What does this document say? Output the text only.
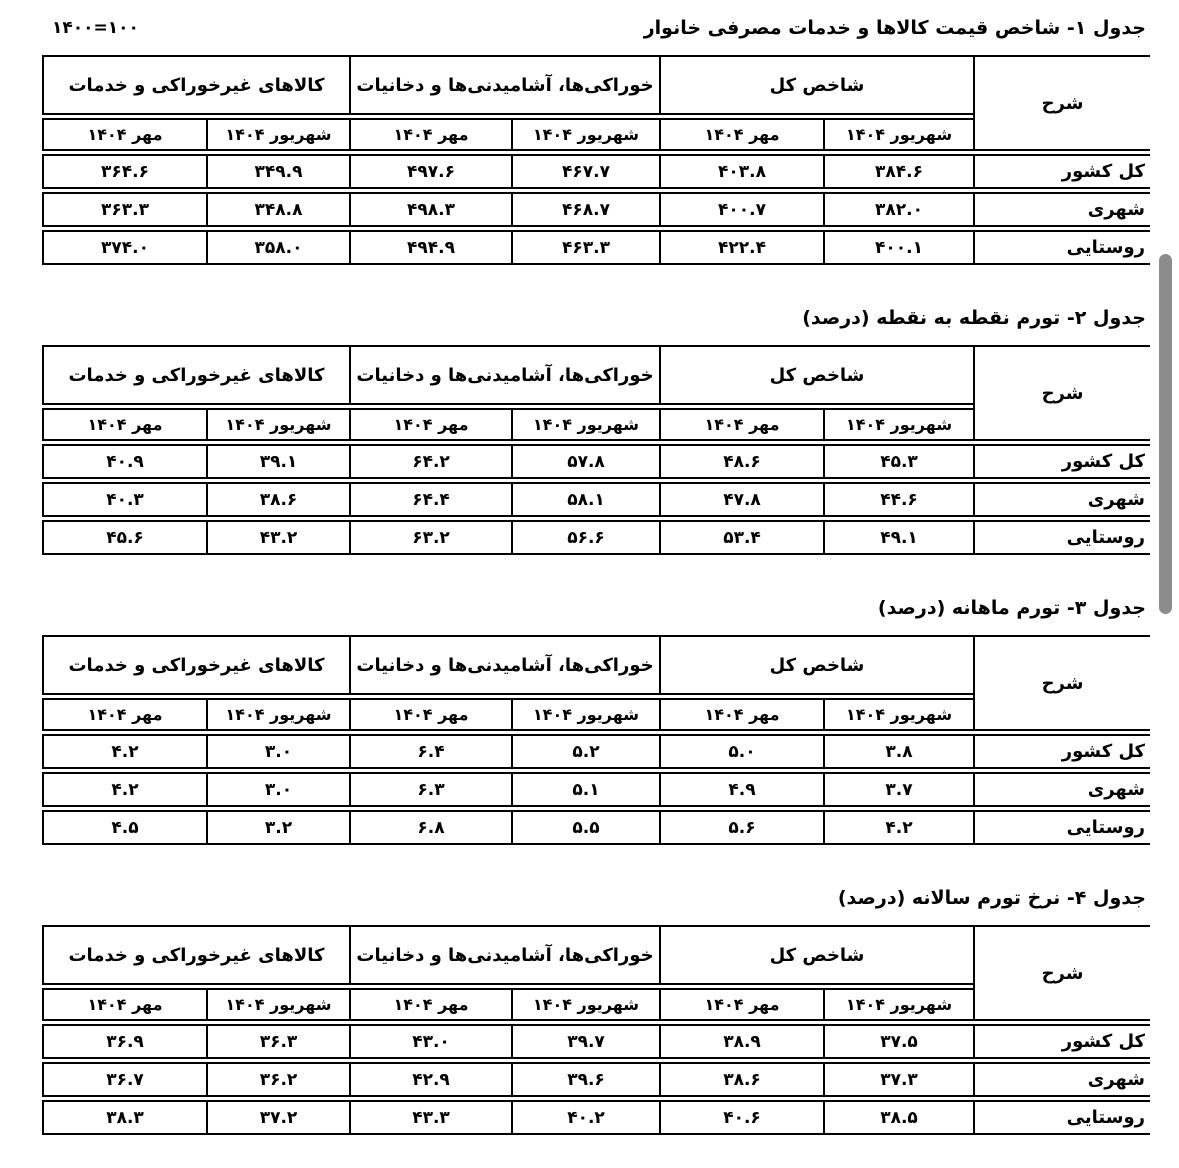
جدول ۱- شاخص قیمت کالاها و خدمات مصرفی خانوار
۱۴۰۰=۱۰۰
شرح	شاخص کل		خوراکی‌ها، آشامیدنی‌ها و دخانیات		کالاهای غیرخوراکی و خدمات	
	شهریور ۱۴۰۴	مهر ۱۴۰۴	شهریور ۱۴۰۴	مهر ۱۴۰۴	شهریور ۱۴۰۴	مهر ۱۴۰۴
کل کشور	۳۸۴.۶	۴۰۳.۸	۴۶۷.۷	۴۹۷.۶	۳۴۹.۹	۳۶۴.۶
شهری	۳۸۲.۰	۴۰۰.۷	۴۶۸.۷	۴۹۸.۳	۳۴۸.۸	۳۶۳.۳
روستایی	۴۰۰.۱	۴۲۲.۴	۴۶۳.۳	۴۹۴.۹	۳۵۸.۰	۳۷۴.۰
جدول ۲- تورم نقطه به نقطه (درصد)
شرح	شاخص کل		خوراکی‌ها، آشامیدنی‌ها و دخانیات		کالاهای غیرخوراکی و خدمات	
	شهریور ۱۴۰۴	مهر ۱۴۰۴	شهریور ۱۴۰۴	مهر ۱۴۰۴	شهریور ۱۴۰۴	مهر ۱۴۰۴
کل کشور	۴۵.۳	۴۸.۶	۵۷.۸	۶۴.۲	۳۹.۱	۴۰.۹
شهری	۴۴.۶	۴۷.۸	۵۸.۱	۶۴.۴	۳۸.۶	۴۰.۳
روستایی	۴۹.۱	۵۳.۴	۵۶.۶	۶۳.۲	۴۳.۲	۴۵.۶
جدول ۳- تورم ماهانه (درصد)
شرح	شاخص کل		خوراکی‌ها، آشامیدنی‌ها و دخانیات		کالاهای غیرخوراکی و خدمات	
	شهریور ۱۴۰۴	مهر ۱۴۰۴	شهریور ۱۴۰۴	مهر ۱۴۰۴	شهریور ۱۴۰۴	مهر ۱۴۰۴
کل کشور	۳.۸	۵.۰	۵.۲	۶.۴	۳.۰	۴.۲
شهری	۳.۷	۴.۹	۵.۱	۶.۳	۳.۰	۴.۲
روستایی	۴.۲	۵.۶	۵.۵	۶.۸	۳.۲	۴.۵
جدول ۴- نرخ تورم سالانه (درصد)
شرح	شاخص کل		خوراکی‌ها، آشامیدنی‌ها و دخانیات		کالاهای غیرخوراکی و خدمات	
	شهریور ۱۴۰۴	مهر ۱۴۰۴	شهریور ۱۴۰۴	مهر ۱۴۰۴	شهریور ۱۴۰۴	مهر ۱۴۰۴
کل کشور	۳۷.۵	۳۸.۹	۳۹.۷	۴۳.۰	۳۶.۳	۳۶.۹
شهری	۳۷.۳	۳۸.۶	۳۹.۶	۴۲.۹	۳۶.۲	۳۶.۷
روستایی	۳۸.۵	۴۰.۶	۴۰.۲	۴۳.۳	۳۷.۲	۳۸.۳
